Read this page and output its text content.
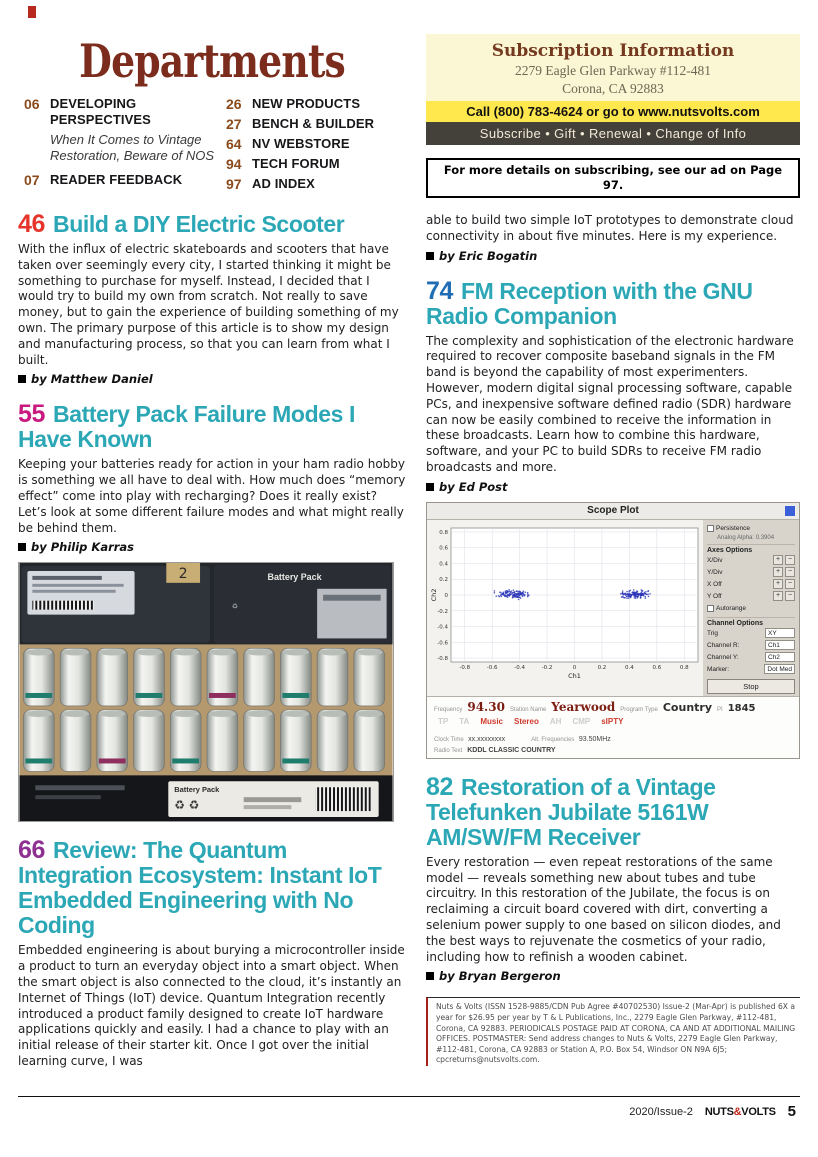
Departments
06 DEVELOPING PERSPECTIVES
When It Comes to Vintage Restoration, Beware of NOS
07 READER FEEDBACK
26 NEW PRODUCTS
27 BENCH & BUILDER
64 NV WEBSTORE
94 TECH FORUM
97 AD INDEX
46 Build a DIY Electric Scooter

With the influx of electric skateboards and scooters that have taken over seemingly every city, I started thinking it might be something to purchase for myself. Instead, I decided that I would try to build my own from scratch. Not really to save money, but to gain the experience of building something of my own. The primary purpose of this article is to show my design and manufacturing process, so that you can learn from what I built.

by Matthew Daniel

55 Battery Pack Failure Modes I Have Known

Keeping your batteries ready for action in your ham radio hobby is something we all have to deal with. How much does “memory effect” come into play with recharging? Does it really exist? Let’s look at some different failure modes and what might really be behind them.

by Philip Karras

Battery Pack
♻
2
Battery Pack
♻ ♻
66 Review: The Quantum Integration Ecosystem: Instant IoT Embedded Engineering with No Coding

Embedded engineering is about burying a microcontroller inside a product to turn an everyday object into a smart object. When the smart object is also connected to the cloud, it’s instantly an Internet of Things (IoT) device. Quantum Integration recently introduced a product family designed to create IoT hardware applications quickly and easily. I had a chance to play with an initial release of their starter kit. Once I got over the initial learning curve, I was

Subscription Information
2279 Eagle Glen Parkway #112-481
Corona, CA 92883
Call (800) 783-4624 or go to www.nutsvolts.com
Subscribe • Gift • Renewal • Change of Info
For more details on subscribing, see our ad on Page 97.

able to build two simple IoT prototypes to demonstrate cloud connectivity in about five minutes. Here is my experience.

by Eric Bogatin

74 FM Reception with the GNU Radio Companion

The complexity and sophistication of the electronic hardware required to recover composite baseband signals in the FM band is beyond the capability of most experimenters. However, modern digital signal processing software, capable PCs, and inexpensive software defined radio (SDR) hardware can now be easily combined to receive the information in these broadcasts. Learn how to combine this hardware, software, and your PC to build SDRs to receive FM radio broadcasts and more.

by Ed Post

Scope Plot
-0.8
-0.6
-0.4
-0.2
0
0.2
0.4
0.6
0.8
-0.8	-0.6	-0.4	-0.2	0	0.2	0.4	0.6	0.8
Ch1
Ch2
Persistence
Analog Alpha: 0.3904
Axes Options
X/Div	+	−
Y/Div	+	−
X Off	+	−
Y Off	+	−
Autorange
Channel Options
Trig	XY
Channel R:	Ch1
Channel Y:	Ch2
Marker:	Dot Med
Stop
Frequency 94.30 Station Name Yearwood Program Type Country PI 1845
TP TA Music Stereo AH CMP sIPTY
Clock Time xx.xxxxxxxx	Alt. Frequencies 93.50MHz
Radio Text KDDL CLASSIC COUNTRY
82 Restoration of a Vintage Telefunken Jubilate 5161W AM/SW/FM Receiver

Every restoration — even repeat restorations of the same model — reveals something new about tubes and tube circuitry. In this restoration of the Jubilate, the focus is on reclaiming a circuit board covered with dirt, converting a selenium power supply to one based on silicon diodes, and the best ways to rejuvenate the cosmetics of your radio, including how to refinish a wooden cabinet.

by Bryan Bergeron

Nuts & Volts (ISSN 1528-9885/CDN Pub Agree #40702530) Issue-2 (Mar-Apr) is published 6X a year for $26.95 per year by T & L Publications, Inc., 2279 Eagle Glen Parkway, #112-481, Corona, CA 92883. PERIODICALS POSTAGE PAID AT CORONA, CA AND AT ADDITIONAL MAILING OFFICES. POSTMASTER: Send address changes to Nuts & Volts, 2279 Eagle Glen Parkway, #112-481, Corona, CA 92883 or Station A, P.O. Box 54, Windsor ON N9A 6J5; cpcreturns@nutsvolts.com.

2020/Issue-2 NUTS&VOLTS 5
